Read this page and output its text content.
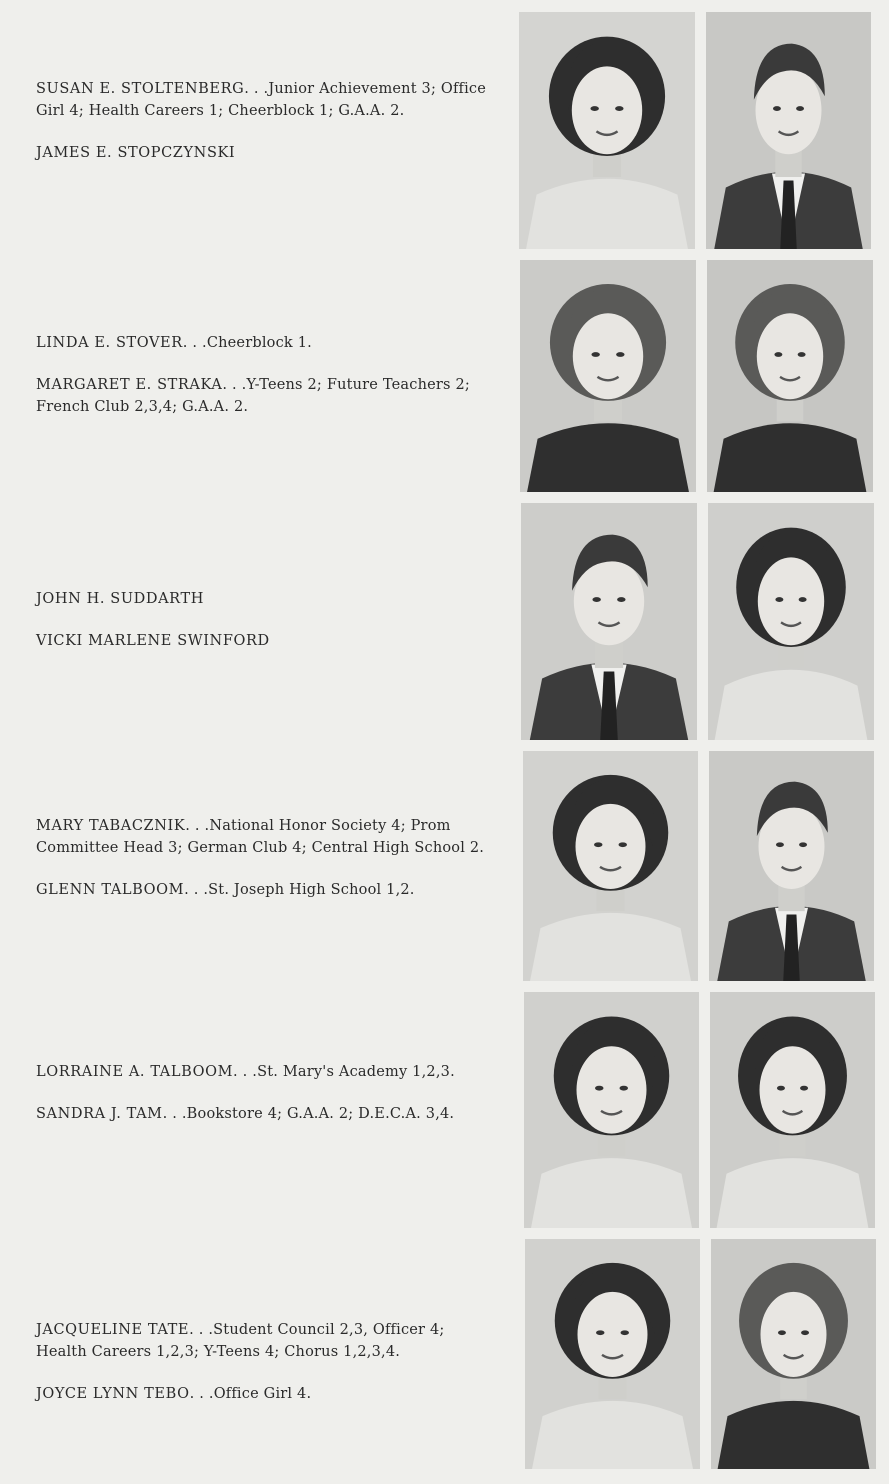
SUSAN E. STOLTENBERG. . .Junior Achievement 3; Office Girl 4; Health Careers 1; Cheerblock 1; G.A.A. 2.
JAMES E. STOPCZYNSKI
LINDA E. STOVER. . .Cheerblock 1.
MARGARET E. STRAKA. . .Y-Teens 2; Future Teachers 2; French Club 2,3,4; G.A.A. 2.
JOHN H. SUDDARTH
VICKI MARLENE SWINFORD
MARY TABACZNIK. . .National Honor Society 4; Prom Committee Head 3; German Club 4; Central High School 2.
GLENN TALBOOM. . .St. Joseph High School 1,2.
LORRAINE A. TALBOOM. . .St. Mary's Academy 1,2,3.
SANDRA J. TAM. . .Bookstore 4; G.A.A. 2; D.E.C.A. 3,4.
JACQUELINE TATE. . .Student Council 2,3, Officer 4; Health Careers 1,2,3; Y-Teens 4; Chorus 1,2,3,4.
JOYCE LYNN TEBO. . .Office Girl 4.
